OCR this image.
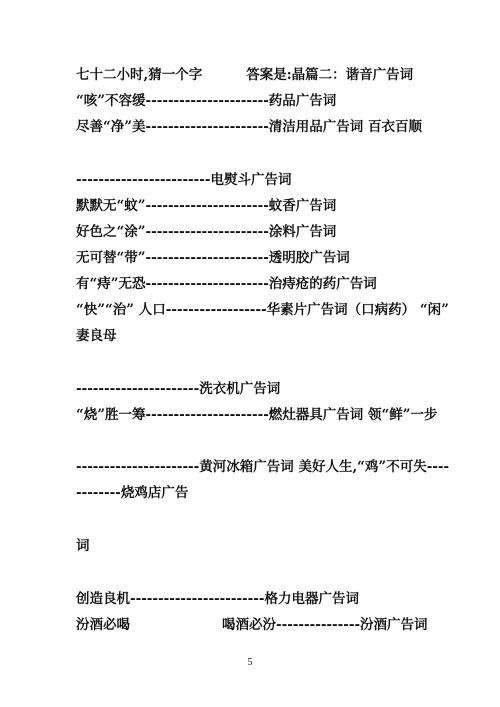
七十二小时,猜一个字	答案是:晶篇二：谐音广告词
“咳”不容缓----------------------药品广告词
尽善“净”美----------------------清洁用品广告词 百衣百顺
------------------------电熨斗广告词
默默无“蚊”----------------------蚊香广告词
好色之“涂”----------------------涂料广告词
无可替“带”----------------------透明胶广告词
有“痔”无恐----------------------治痔疮的药广告词
“快”“治” 人口------------------华素片广告词（口病药） “闲”
妻良母
----------------------洗衣机广告词
“烧”胜一筹----------------------燃灶器具广告词 领“鲜”一步
----------------------黄河冰箱广告词 美好人生,“鸡”不可失----
--------烧鸡店广告
词
创造良机------------------------格力电器广告词
汾酒必喝	喝酒必汾---------------汾酒广告词
5
